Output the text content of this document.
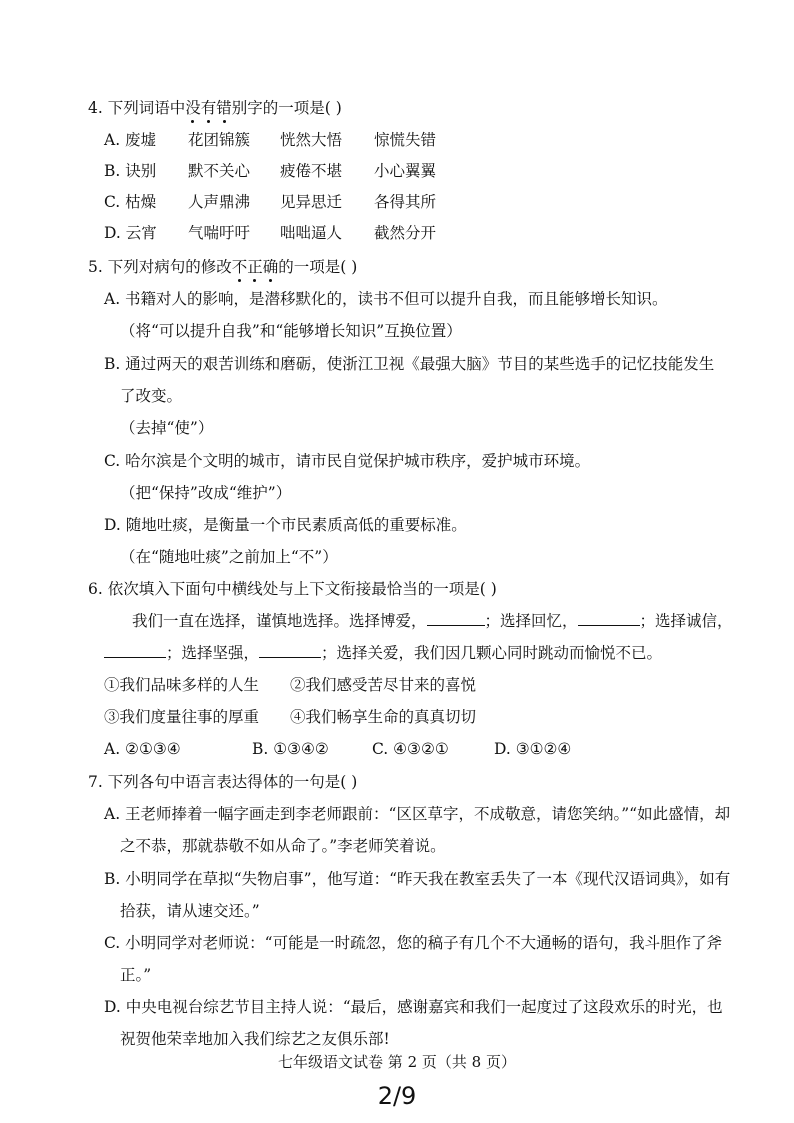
4. 下列词语中没有错别字的一项是( )
A. 废墟 花团锦簇 恍然大悟 惊慌失错
B. 诀别 默不关心 疲倦不堪 小心翼翼
C. 枯燥 人声鼎沸 见异思迁 各得其所
D. 云宵 气喘吁吁 咄咄逼人 截然分开
5. 下列对病句的修改不正确的一项是( )
A. 书籍对人的影响，是潜移默化的，读书不但可以提升自我，而且能够增长知识。
（将“可以提升自我”和“能够增长知识”互换位置）
B. 通过两天的艰苦训练和磨砺，使浙江卫视《最强大脑》节目的某些选手的记忆技能发生
了改变。
（去掉“使”）
C. 哈尔滨是个文明的城市，请市民自觉保护城市秩序，爱护城市环境。
（把“保持”改成“维护”）
D. 随地吐痰，是衡量一个市民素质高低的重要标准。
（在“随地吐痰”之前加上“不”）
6. 依次填入下面句中横线处与上下文衔接最恰当的一项是( )
我们一直在选择，谨慎地选择。选择博爱，	；选择回忆，	；选择诚信，
；选择坚强，	；选择关爱，我们因几颗心同时跳动而愉悦不已。
①我们品味多样的人生 ②我们感受苦尽甘来的喜悦
③我们度量往事的厚重 ④我们畅享生命的真真切切
A. ②①③④	B. ①③④②	C. ④③②①	D. ③①②④
7. 下列各句中语言表达得体的一句是( )
A. 王老师捧着一幅字画走到李老师跟前：“区区草字，不成敬意，请您笑纳。”“如此盛情，却
之不恭，那就恭敬不如从命了。”李老师笑着说。
B. 小明同学在草拟“失物启事”，他写道：“昨天我在教室丢失了一本《现代汉语词典》，如有
拾获，请从速交还。”
C. 小明同学对老师说：“可能是一时疏忽，您的稿子有几个不大通畅的语句，我斗胆作了斧
正。”
D. 中央电视台综艺节目主持人说：“最后，感谢嘉宾和我们一起度过了这段欢乐的时光，也
祝贺他荣幸地加入我们综艺之友俱乐部!
七年级语文试卷 第 2 页（共 8 页）
2/9
